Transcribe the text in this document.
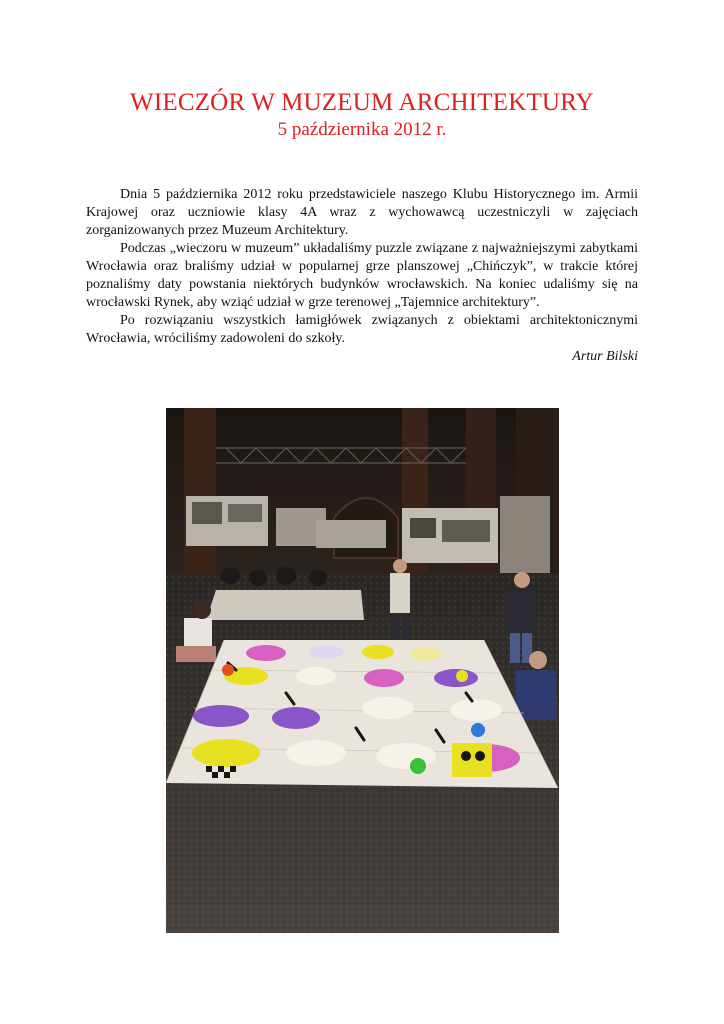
WIECZÓR W MUZEUM ARCHITEKTURY
5 października 2012 r.

Dnia 5 października 2012 roku przedstawiciele naszego Klubu Historycznego im. Armii Krajowej oraz uczniowie klasy 4A wraz z wychowawcą uczestniczyli w zajęciach zorganizowanych przez Muzeum Architektury.

Podczas „wieczoru w muzeum” układaliśmy puzzle związane z najważniejszymi zabytkami Wrocławia oraz braliśmy udział w popularnej grze planszowej „Chińczyk”, w trakcie której poznaliśmy daty powstania niektórych budynków wrocławskich. Na koniec udaliśmy się na wrocławski Rynek, aby wziąć udział w grze terenowej „Tajemnice architektury”.

Po rozwiązaniu wszystkich łamigłówek związanych z obiektami architektonicznymi Wrocławia, wróciliśmy zadowoleni do szkoły.

Artur Bilski
